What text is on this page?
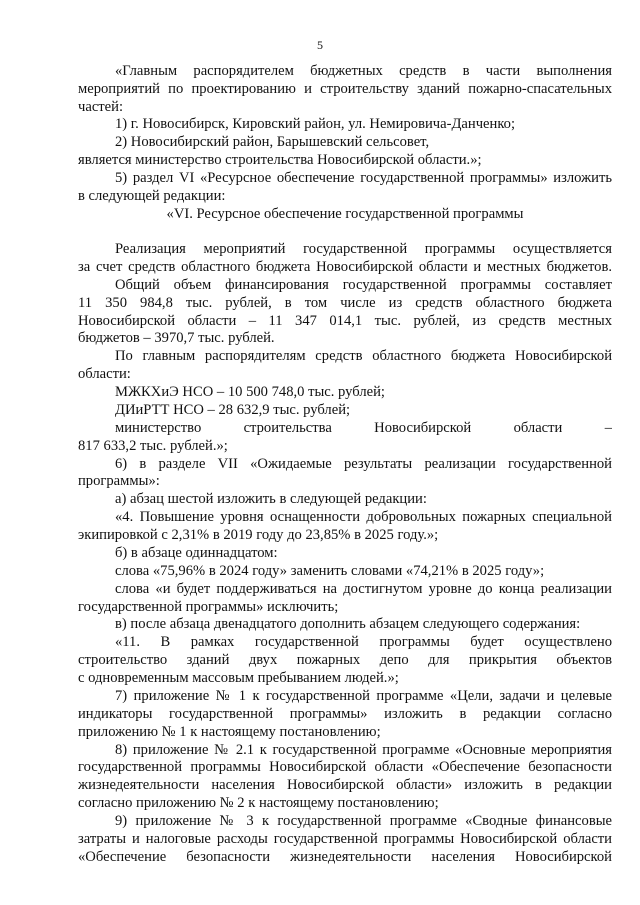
5
«Главным распорядителем бюджетных средств в части выполнения
мероприятий по проектированию и строительству зданий пожарно-спасательных
частей:
1) г. Новосибирск, Кировский район, ул. Немировича-Данченко;
2) Новосибирский район, Барышевский сельсовет,
является министерство строительства Новосибирской области.»;
5) раздел VI «Ресурсное обеспечение государственной программы» изложить
в следующей редакции:
«VI. Ресурсное обеспечение государственной программы
Реализация мероприятий государственной программы осуществляется
за счет средств областного бюджета Новосибирской области и местных бюджетов.
Общий объем финансирования государственной программы составляет
11 350 984,8 тыс. рублей, в том числе из средств областного бюджета
Новосибирской области – 11 347 014,1 тыс. рублей, из средств местных
бюджетов – 3970,7 тыс. рублей.
По главным распорядителям средств областного бюджета Новосибирской
области:
МЖКХиЭ НСО – 10 500 748,0 тыс. рублей;
ДИиРТТ НСО – 28 632,9 тыс. рублей;
министерство строительства Новосибирской области –
817 633,2 тыс. рублей.»;
6) в разделе VII «Ожидаемые результаты реализации государственной
программы»:
а) абзац шестой изложить в следующей редакции:
«4. Повышение уровня оснащенности добровольных пожарных специальной
экипировкой с 2,31% в 2019 году до 23,85% в 2025 году.»;
б) в абзаце одиннадцатом:
слова «75,96% в 2024 году» заменить словами «74,21% в 2025 году»;
слова «и будет поддерживаться на достигнутом уровне до конца реализации
государственной программы» исключить;
в) после абзаца двенадцатого дополнить абзацем следующего содержания:
«11. В рамках государственной программы будет осуществлено
строительство зданий двух пожарных депо для прикрытия объектов
с одновременным массовым пребыванием людей.»;
7) приложение № 1 к государственной программе «Цели, задачи и целевые
индикаторы государственной программы» изложить в редакции согласно
приложению № 1 к настоящему постановлению;
8) приложение № 2.1 к государственной программе «Основные мероприятия
государственной программы Новосибирской области «Обеспечение безопасности
жизнедеятельности населения Новосибирской области» изложить в редакции
согласно приложению № 2 к настоящему постановлению;
9) приложение № 3 к государственной программе «Сводные финансовые
затраты и налоговые расходы государственной программы Новосибирской области
«Обеспечение безопасности жизнедеятельности населения Новосибирской
